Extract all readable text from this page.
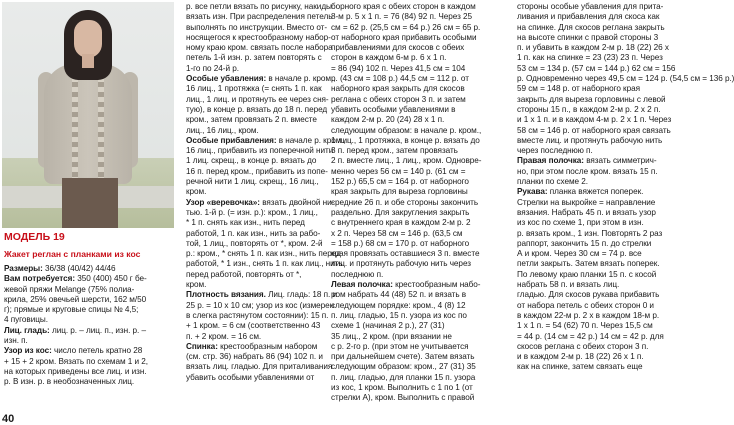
МОДЕЛЬ 19
Жакет реглан с планками из кос
Размеры: 36/38 (40/42) 44/46
Вам потребуется: 350 (400) 450 г бе-
жевой пряжи Melange (75% полиа-
крила, 25% овечьей шерсти, 162 м/50
г); прямые и круговые спицы № 4,5;
4 пуговицы.
Лиц. гладь: лиц. р. – лиц. п., изн. р. –
изн. п.
Узор из кос: число петель кратно 28
+ 15 + 2 кром. Вязать по схемам 1 и 2,
на которых приведены все лиц. и изн.
р. В изн. р. в необозначенных лиц.
р. все петли вязать по рисунку, накиды
вязать изн. При распределения петель
выполнять по инструкции. Вместо от-
носящегося к крестообразному набор-
ному краю кром. связать после набора
петель 1-й изн. р. затем повторять с
1-го по 24-й р.
Особые убавления: в начале р. кром.,
16 лиц., 1 протяжка (= снять 1 п. как
лиц., 1 лиц. и протянуть ее через сня-
тую), в конце р. вязать до 18 п. перед
кром., затем провязать 2 п. вместе
лиц., 16 лиц., кром.
Особые прибавления: в начале р. кром.,
16 лиц., прибавить из поперечной нити
1 лиц. скрещ., в конце р. вязать до
16 п. перед кром., прибавить из попе-
речной нити 1 лиц. скрещ., 16 лиц.,
кром.
Узор «веревочка»: вязать двойной ни-
тью. 1-й р. (= изн. р.): кром., 1 лиц.,
* 1 п. снять как изн., нить перед
работой, 1 п. как изн., нить за рабо-
той, 1 лиц., повторять от *, кром. 2-й
р.: кром., * снять 1 п. как изн., нить перед
работой, * 1 изн., снять 1 п. как лиц., нить
перед работой, повторять от *,
кром.
Плотность вязания. Лиц. гладь: 18 п. и
25 р. = 10 х 10 см; узор из кос (измерен
в слегка растянутом состоянии): 15 п.
+ 1 кром. = 6 см (соответственно 43
п. + 2 кром. = 16 см.
Спинка: крестообразным набором
(см. стр. 36) набрать 86 (94) 102 п. и
вязать лиц. гладью. Для приталивания
убавить особыми убавлениями от
борного края с обеих сторон в каждом
8-м р. 5 х 1 п. = 76 (84) 92 п. Через 25
см = 62 р. (25,5 см = 64 р.) 26 см = 65 р.
от наборного края прибавить особыми
прибавлениями для скосов с обеих
сторон в каждом 6-м р. 6 х 1 п.
= 86 (94) 102 п. Через 41,5 см = 104
р. (43 см = 108 р.) 44,5 см = 112 р. от
наборного края закрыть для скосов
реглана с обеих сторон 3 п. и затем
убавить особыми убавлениями в
каждом 2-м р. 20 (24) 28 х 1 п.
следующим образом: в начале р. кром.,
1 лиц., 1 протяжка, в конце р. вязать до
3 п. перед кром., затем провязать
2 п. вместе лиц., 1 лиц., кром. Одновре-
менно через 56 см = 140 р. (61 см =
152 р.) 65,5 см = 164 р. от наборного
края закрыть для выреза горловины
средние 26 п. и обе стороны закончить
раздельно. Для закругления закрыть
с внутреннего края в каждом 2-м р. 2
х 2 п. Через 58 см = 146 р. (63,5 см
= 158 р.) 68 см = 170 р. от наборного
края провязать оставшиеся 3 п. вместе
лиц. и протянуть рабочую нить через
последнюю п.
Левая полочка: крестообразным набо-
ром набрать 44 (48) 52 п. и вязать в
следующем порядке: кром., 4 (8) 12
п. лиц. гладью, 15 п. узора из кос по
схеме 1 (начиная 2 р.), 27 (31)
35 лиц., 2 кром. (при вязании не
с р. 2-го р. (при этом не учитывается
при дальнейшем счете). Затем вязать
следующим образом: кром., 27 (31) 35
п. лиц. гладью, для планки 15 п. узора
из кос, 1 кром. Выполнить с 1 по 1 (от
стрелки А), кром. Выполнить с правой
стороны особые убавления для прита-
ливания и прибавления для скоса как
на спинке. Для скосов реглана закрыть
на высоте спинки с правой стороны 3
п. и убавить в каждом 2-м р. 18 (22) 26 х
1 п. как на спинке = 23 (23) 23 п. Через
53 см = 134 р. (57 см = 144 р.) 62 см = 156
р. Одновременно через 49,5 см = 124 р. (54,5 см = 136 р.)
59 см = 148 р. от наборного края
закрыть для выреза горловины с левой
стороны 15 п., в каждом 2-м р. 2 х 2 п.
и 1 х 1 п. и в каждом 4-м р. 2 х 1 п. Через
58 см = 146 р. от наборного края связать
вместе лиц. и протянуть рабочую нить
через последнюю п.
Правая полочка: вязать симметрич-
но, при этом после кром. вязать 15 п.
планки по схеме 2.
Рукава: планка вяжется поперек.
Стрелки на выкройке = направление
вязания. Набрать 45 п. и вязать узор
из кос по схеме 1, при этом в изн.
р. вязать кром., 1 изн. Повторять 2 раз
раппорт, закончить 15 п. до стрелки
А и кром. Через 30 см = 74 р. все
петли закрыть. Затем вязать поперек.
По левому краю планки 15 п. с косой
набрать 58 п. и вязать лиц.
гладью. Для скосов рукава прибавить
от набора петель с обеих сторон 0 и
в каждом 22-м р. 2 х в каждом 18-м р.
1 х 1 п. = 54 (62) 70 п. Через 15,5 см
= 44 р. (14 см = 42 р.) 14 см = 42 р. для
скосов реглана с обеих сторон 3 п.
и в каждом 2-м р. 18 (22) 26 х 1 п.
как на спинке, затем связать еще
40
